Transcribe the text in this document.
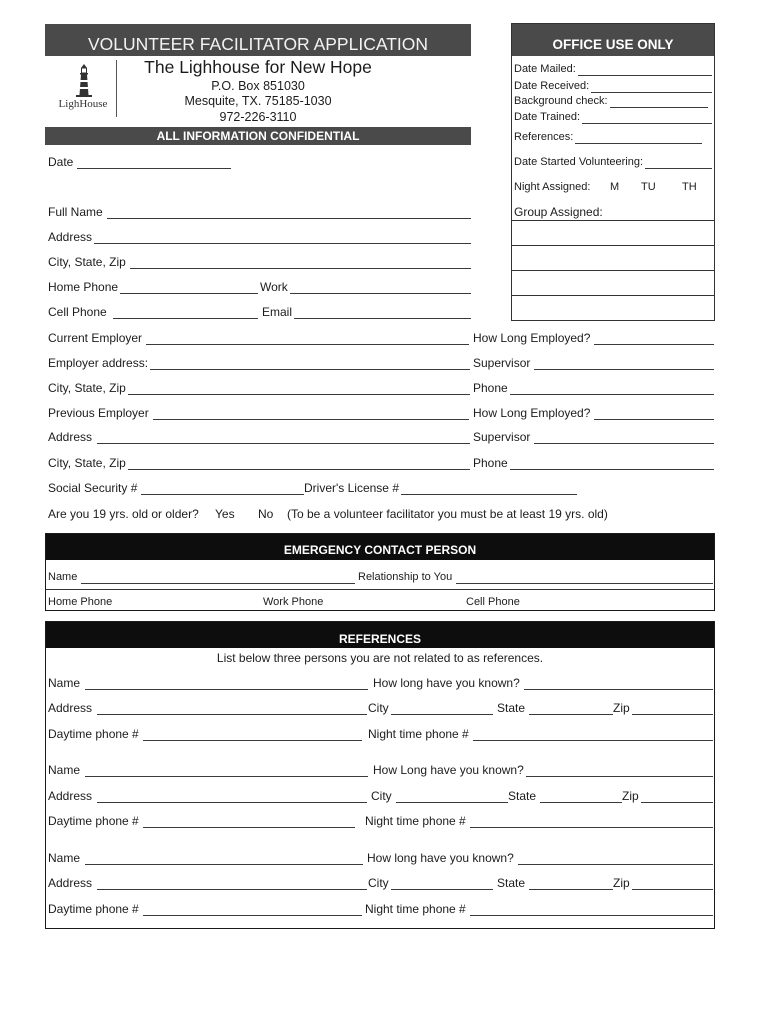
VOLUNTEER FACILITATOR APPLICATION
LighHouse
The Lighhouse for New Hope
P.O. Box 851030
Mesquite, TX. 75185-1030
972-226-3110
ALL INFORMATION CONFIDENTIAL
OFFICE USE ONLY
Date Mailed:
Date Received:
Background check:
Date Trained:
References:
Date Started Volunteering:
Night Assigned: M TU TH
Group Assigned:
Date
Full Name
Address
City, State, Zip
Home Phone	Work
Cell Phone	Email
Current Employer	How Long Employed?
Employer address:	Supervisor
City, State, Zip	Phone
Previous Employer	How Long Employed?
Address	Supervisor
City, State, Zip	Phone
Social Security #	Driver's License #
Are you 19 yrs. old or older? Yes No (To be a volunteer facilitator you must be at least 19 yrs. old)
EMERGENCY CONTACT PERSON
Name	Relationship to You
Home Phone	Work Phone	Cell Phone
REFERENCES
List below three persons you are not related to as references.
Name	How long have you known?
Address	City	State	Zip
Daytime phone #	Night time phone #
Name	How Long have you known?
Address	City	State	Zip
Daytime phone #	Night time phone #
Name	How long have you known?
Address	City	State	Zip
Daytime phone #	Night time phone #
